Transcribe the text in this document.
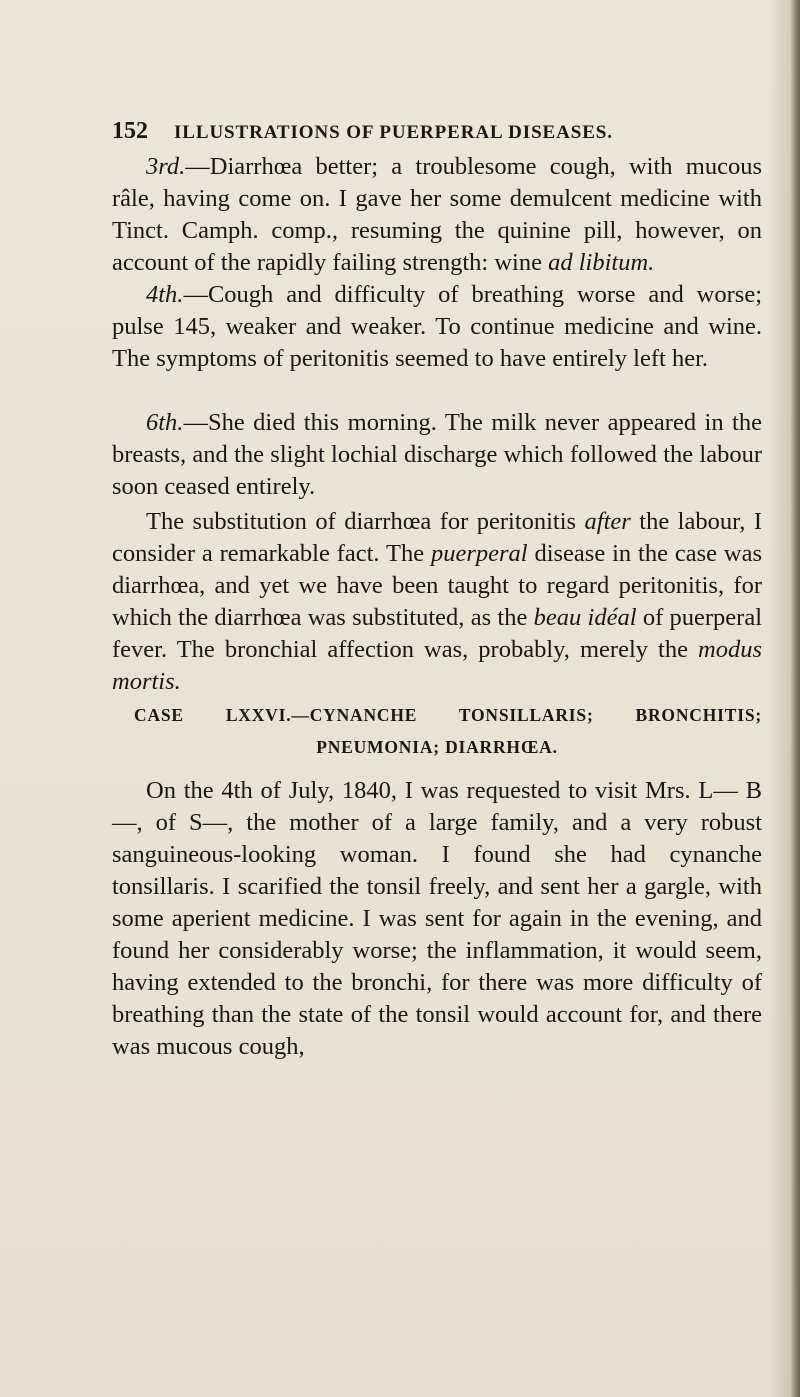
152 ILLUSTRATIONS OF PUERPERAL DISEASES.

3rd.—Diarrhœa better; a troublesome cough, with mucous râle, having come on. I gave her some demulcent medicine with Tinct. Camph. comp., resuming the quinine pill, however, on account of the rapidly failing strength: wine ad libitum.

4th.—Cough and difficulty of breathing worse and worse; pulse 145, weaker and weaker. To continue medicine and wine. The symptoms of peritonitis seemed to have entirely left her.

6th.—She died this morning. The milk never appeared in the breasts, and the slight lochial discharge which followed the labour soon ceased entirely.

The substitution of diarrhœa for peritonitis after the labour, I consider a remarkable fact. The puerperal disease in the case was diarrhœa, and yet we have been taught to regard peritonitis, for which the diarrhœa was substituted, as the beau idéal of puerperal fever. The bronchial affection was, probably, merely the modus mortis.

CASE LXXVI.—CYNANCHE TONSILLARIS; BRONCHITIS;
PNEUMONIA; DIARRHŒA.

On the 4th of July, 1840, I was requested to visit Mrs. L— B—, of S—, the mother of a large family, and a very robust sanguineous-looking woman. I found she had cynanche tonsillaris. I scarified the tonsil freely, and sent her a gargle, with some aperient medicine. I was sent for again in the evening, and found her considerably worse; the inflammation, it would seem, having extended to the bronchi, for there was more difficulty of breathing than the state of the tonsil would account for, and there was mucous cough,
